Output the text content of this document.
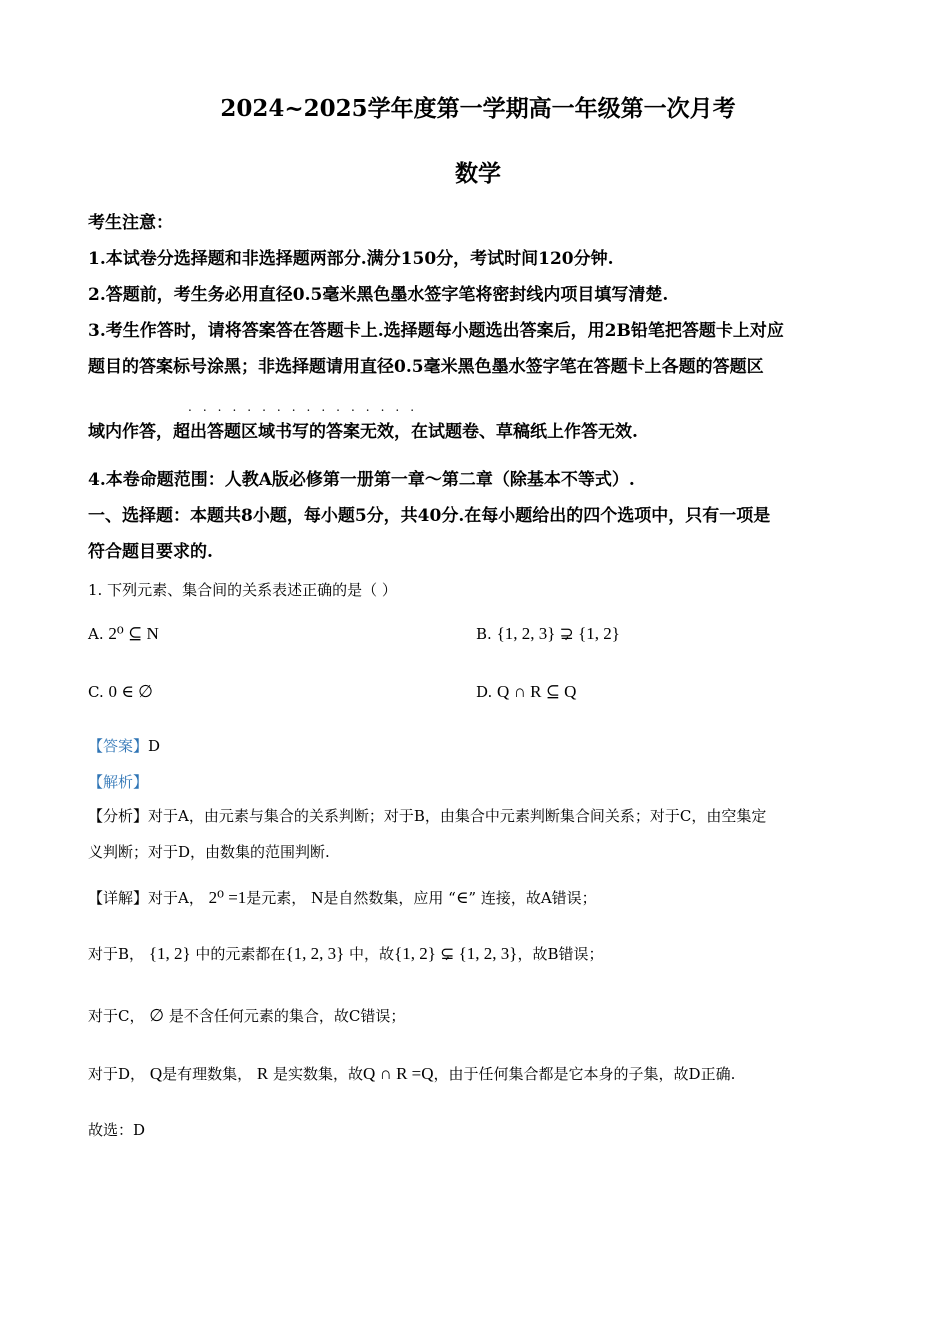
2024~2025学年度第一学期高一年级第一次月考
数学

考生注意：

1.本试卷分选择题和非选择题两部分.满分150分，考试时间120分钟.

2.答题前，考生务必用直径0.5毫米黑色墨水签字笔将密封线内项目填写清楚.

3.考生作答时，请将答案答在答题卡上.选择题每小题选出答案后，用2B铅笔把答题卡上对应

题目的答案标号涂黑；非选择题请用直径0.5毫米黑色墨水签字笔在答题卡上各题的答题区

................

域内作答，超出答题区域书写的答案无效，在试题卷、草稿纸上作答无效.

4.本卷命题范围：人教A版必修第一册第一章～第二章（除基本不等式）.

一、选择题：本题共8小题，每小题5分，共40分.在每小题给出的四个选项中，只有一项是

符合题目要求的.

1. 下列元素、集合间的关系表述正确的是（ ）
A. 2⁰ ⊆ N	B. {1, 2, 3} ⊋ {1, 2}
C. 0 ∈ ∅	D. Q ∩ R ⊆ Q
【答案】D
【解析】

【分析】对于A，由元素与集合的关系判断；对于B，由集合中元素判断集合间关系；对于C，由空集定

义判断；对于D，由数集的范围判断.

【详解】对于A， 2⁰ =1是元素， N是自然数集，应用 “∈” 连接，故A错误；
对于B， {1, 2} 中的元素都在{1, 2, 3} 中，故{1, 2} ⊊ {1, 2, 3}，故B错误；
对于C， ∅ 是不含任何元素的集合，故C错误；
对于D， Q是有理数集， R 是实数集，故Q ∩ R =Q，由于任何集合都是它本身的子集，故D正确.
故选：D
